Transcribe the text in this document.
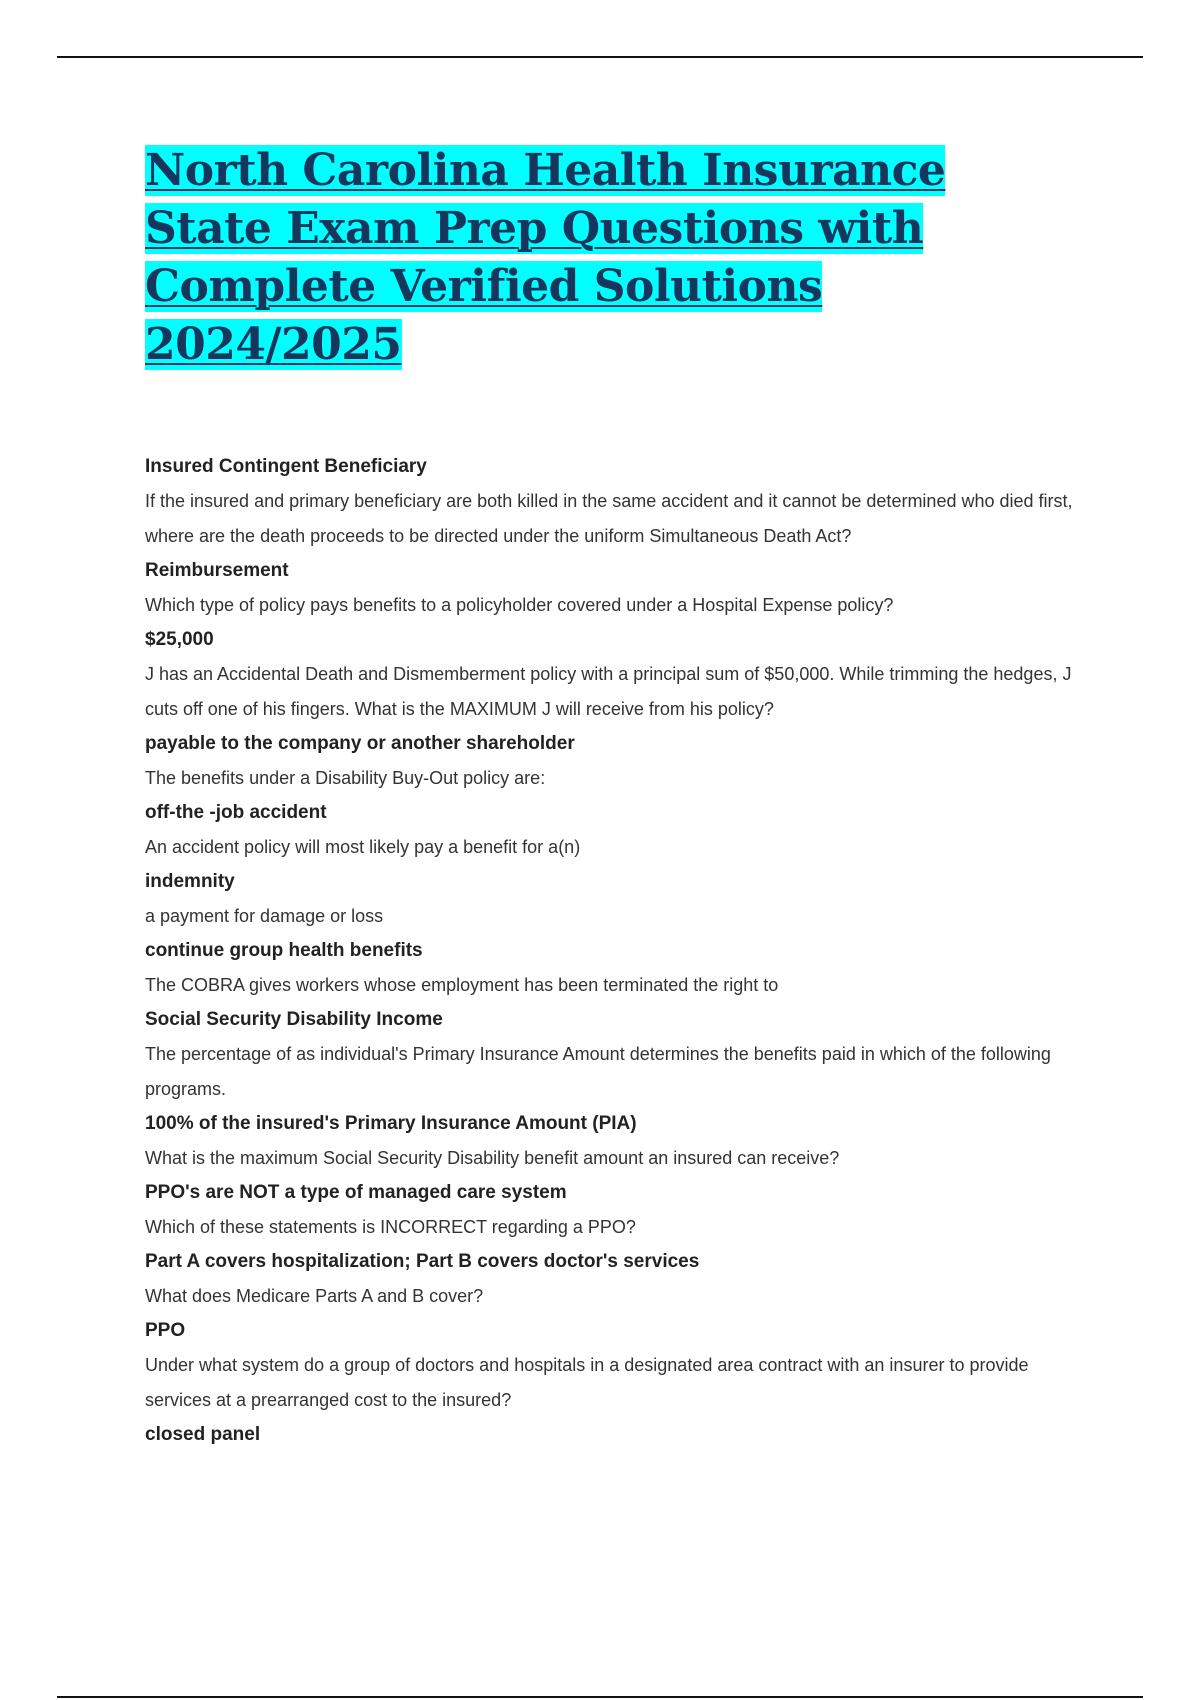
North Carolina Health Insurance State Exam Prep Questions with Complete Verified Solutions 2024/2025
Insured Contingent Beneficiary
If the insured and primary beneficiary are both killed in the same accident and it cannot be determined who died first, where are the death proceeds to be directed under the uniform Simultaneous Death Act?
Reimbursement
Which type of policy pays benefits to a policyholder covered under a Hospital Expense policy?
$25,000
J has an Accidental Death and Dismemberment policy with a principal sum of $50,000. While trimming the hedges, J cuts off one of his fingers. What is the MAXIMUM J will receive from his policy?
payable to the company or another shareholder
The benefits under a Disability Buy-Out policy are:
off-the -job accident
An accident policy will most likely pay a benefit for a(n)
indemnity
a payment for damage or loss
continue group health benefits
The COBRA gives workers whose employment has been terminated the right to
Social Security Disability Income
The percentage of as individual's Primary Insurance Amount determines the benefits paid in which of the following programs.
100% of the insured's Primary Insurance Amount (PIA)
What is the maximum Social Security Disability benefit amount an insured can receive?
PPO's are NOT a type of managed care system
Which of these statements is INCORRECT regarding a PPO?
Part A covers hospitalization; Part B covers doctor's services
What does Medicare Parts A and B cover?
PPO
Under what system do a group of doctors and hospitals in a designated area contract with an insurer to provide services at a prearranged cost to the insured?
closed panel
